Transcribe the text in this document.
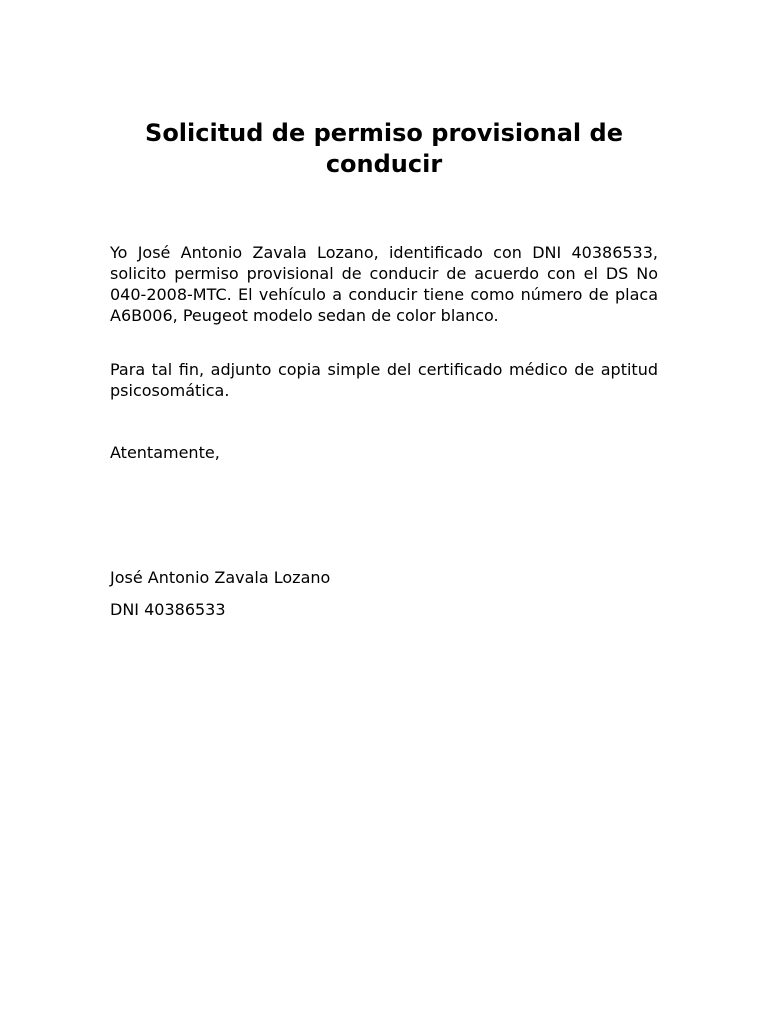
Solicitud de permiso provisional de conducir

Yo José Antonio Zavala Lozano, identificado con DNI 40386533, solicito permiso provisional de conducir de acuerdo con el DS No 040-2008-MTC. El vehículo a conducir tiene como número de placa A6B006, Peugeot modelo sedan de color blanco.

Para tal fin, adjunto copia simple del certificado médico de aptitud psicosomática.

Atentamente,

José Antonio Zavala Lozano

DNI 40386533
